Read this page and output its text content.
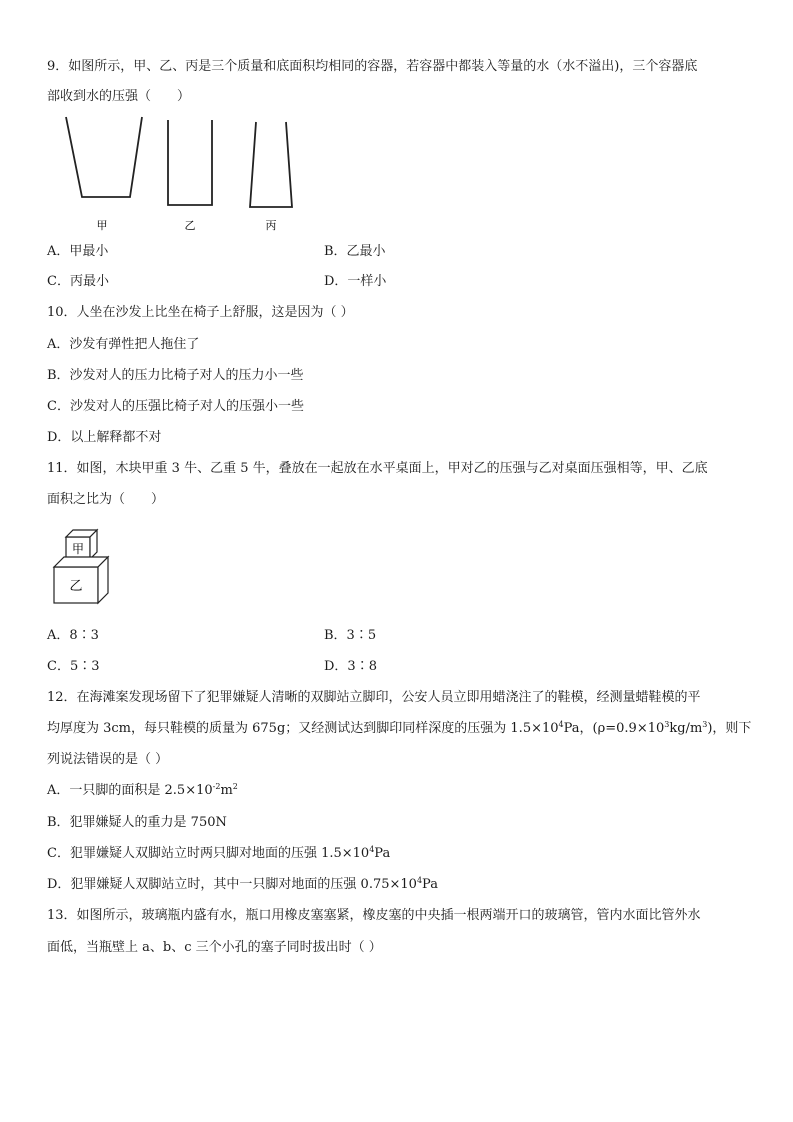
9．如图所示，甲、乙、丙是三个质量和底面积均相同的容器，若容器中都装入等量的水（水不溢出)，三个容器底
部收到水的压强（　　）
甲	乙	丙
A．甲最小	B．乙最小
C．丙最小	D．一样小
10．人坐在沙发上比坐在椅子上舒服，这是因为（ ）
A．沙发有弹性把人拖住了
B．沙发对人的压力比椅子对人的压力小一些
C．沙发对人的压强比椅子对人的压强小一些
D．以上解释都不对
11．如图，木块甲重 3 牛、乙重 5 牛，叠放在一起放在水平桌面上，甲对乙的压强与乙对桌面压强相等，甲、乙底
面积之比为（　　）
甲
乙
A．8∶3	B．3∶5
C．5∶3	D．3∶8
12．在海滩案发现场留下了犯罪嫌疑人清晰的双脚站立脚印，公安人员立即用蜡浇注了的鞋模，经测量蜡鞋模的平
均厚度为 3cm，每只鞋模的质量为 675g；又经测试达到脚印同样深度的压强为 $1.5\times 10^4Pa$，$(\rho=0.9\times 10^3kg/m^3)$，则下
列说法错误的是（ ）
A．一只脚的面积是 $2.5\times 10^{-2}m^2$
B．犯罪嫌疑人的重力是 750N
C．犯罪嫌疑人双脚站立时两只脚对地面的压强 $1.5\times 10^4Pa$
D．犯罪嫌疑人双脚站立时，其中一只脚对地面的压强 $0.75\times 10^4Pa$
13．如图所示，玻璃瓶内盛有水，瓶口用橡皮塞塞紧，橡皮塞的中央插一根两端开口的玻璃管，管内水面比管外水
面低，当瓶壁上 a、b、c 三个小孔的塞子同时拔出时（ ）
